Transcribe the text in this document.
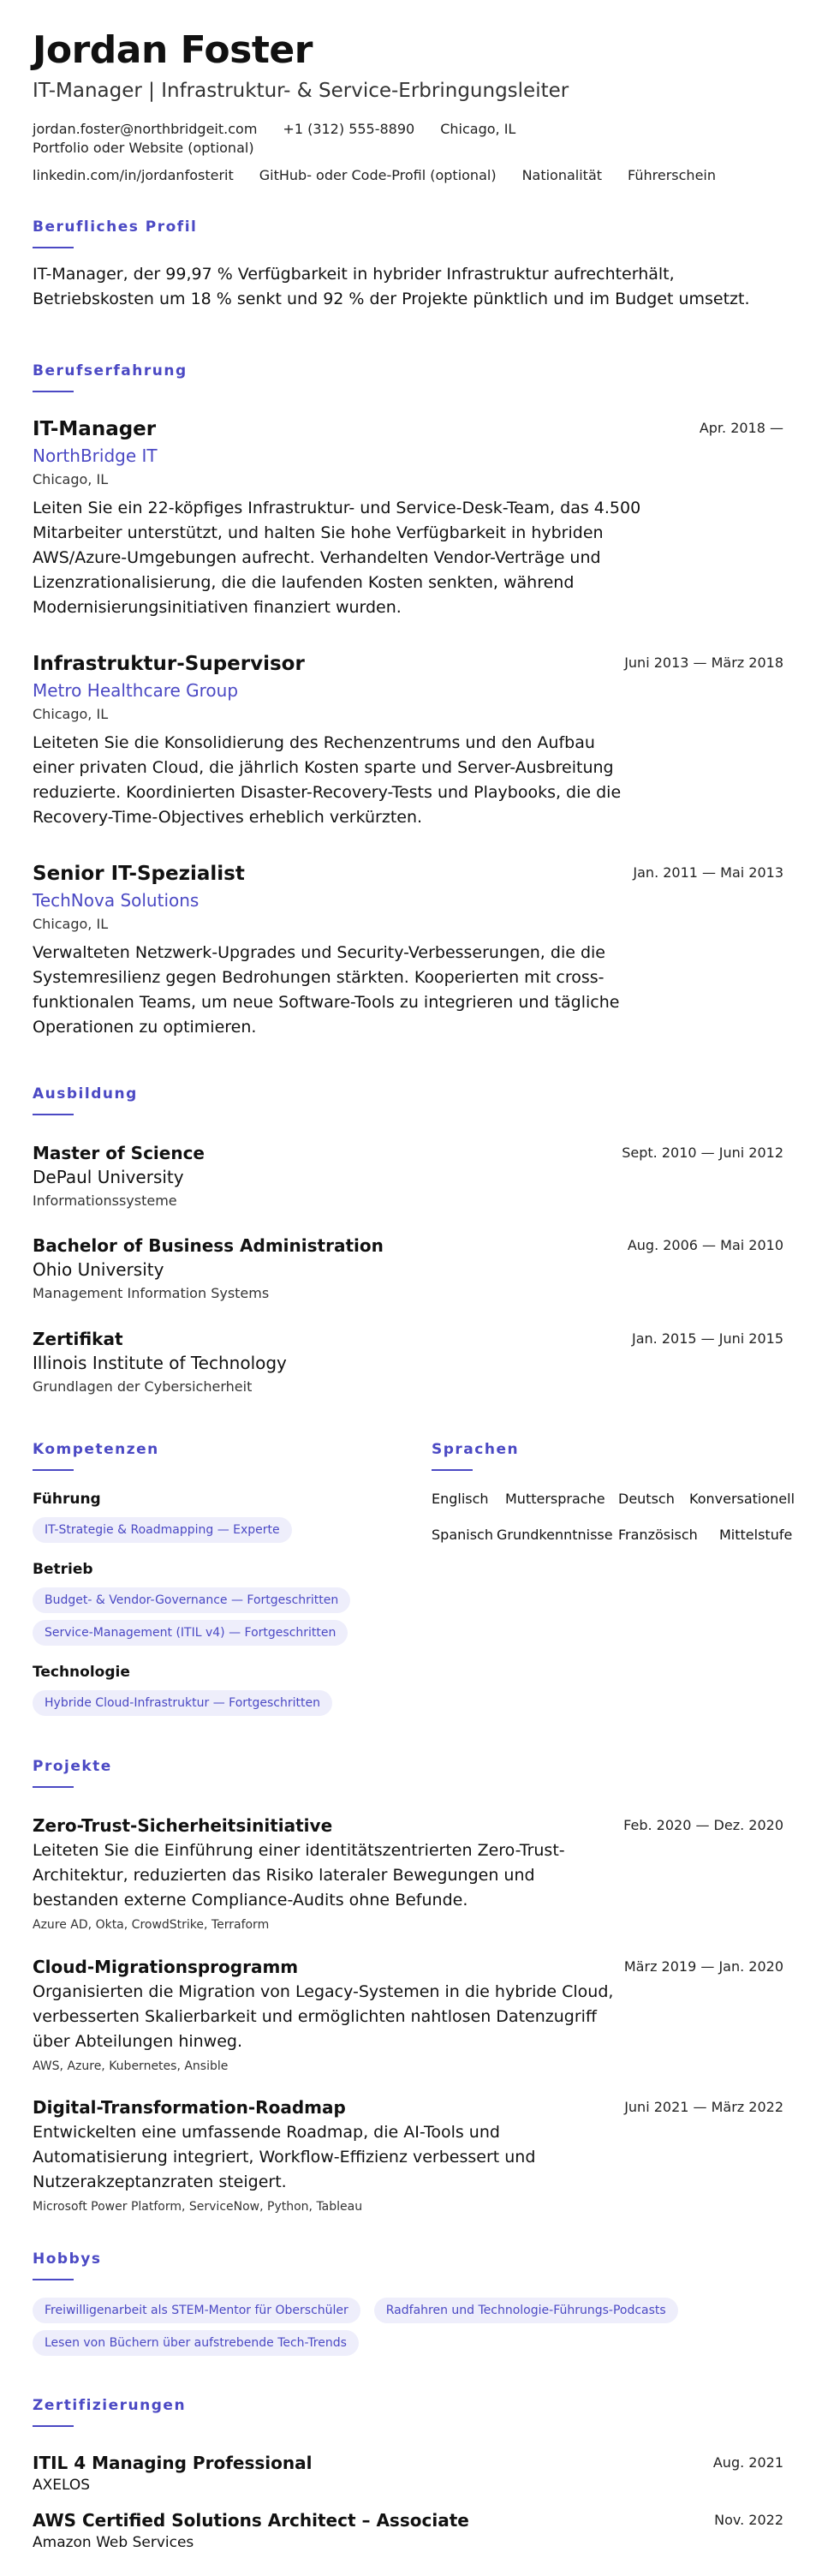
Jordan Foster
IT-Manager | Infrastruktur- & Service-Erbringungsleiter
jordan.foster@northbridgeit.com +1 (312) 555-8890 Chicago, IL
Portfolio oder Website (optional)
linkedin.com/in/jordanfosterit GitHub- oder Code-Profil (optional) Nationalität Führerschein
Berufliches Profil
IT-Manager, der 99,97 % Verfügbarkeit in hybrider Infrastruktur aufrechterhält, Betriebskosten um 18 % senkt und 92 % der Projekte pünktlich und im Budget umsetzt.
Berufserfahrung
IT-Manager
NorthBridge IT
Chicago, IL
Apr. 2018 —
Leiten Sie ein 22-köpfiges Infrastruktur- und Service-Desk-Team, das 4.500 Mitarbeiter unterstützt, und halten Sie hohe Verfügbarkeit in hybriden AWS/Azure-Umgebungen aufrecht. Verhandelten Vendor-Verträge und Lizenzrationalisierung, die die laufenden Kosten senkten, während Modernisierungsinitiativen finanziert wurden.
Infrastruktur-Supervisor
Metro Healthcare Group
Chicago, IL
Juni 2013 — März 2018
Leiteten Sie die Konsolidierung des Rechenzentrums und den Aufbau einer privaten Cloud, die jährlich Kosten sparte und Server-Ausbreitung reduzierte. Koordinierten Disaster-Recovery-Tests und Playbooks, die die Recovery-Time-Objectives erheblich verkürzten.
Senior IT-Spezialist
TechNova Solutions
Chicago, IL
Jan. 2011 — Mai 2013
Verwalteten Netzwerk-Upgrades und Security-Verbesserungen, die die Systemresilienz gegen Bedrohungen stärkten. Kooperierten mit cross-funktionalen Teams, um neue Software-Tools zu integrieren und tägliche Operationen zu optimieren.
Ausbildung
Master of Science
DePaul University
Informationssysteme
Sept. 2010 — Juni 2012
Bachelor of Business Administration
Ohio University
Management Information Systems
Aug. 2006 — Mai 2010
Zertifikat
Illinois Institute of Technology
Grundlagen der Cybersicherheit
Jan. 2015 — Juni 2015
Kompetenzen
Führung
IT-Strategie & Roadmapping — Experte
Betrieb
Budget- & Vendor-Governance — Fortgeschritten
Service-Management (ITIL v4) — Fortgeschritten
Technologie
Hybride Cloud-Infrastruktur — Fortgeschritten
Sprachen
Englisch Muttersprache Deutsch Konversationell
Spanisch Grundkenntnisse Französisch Mittelstufe
Projekte
Zero-Trust-Sicherheitsinitiative	Feb. 2020 — Dez. 2020
Leiteten Sie die Einführung einer identitätszentrierten Zero-Trust-Architektur, reduzierten das Risiko lateraler Bewegungen und bestanden externe Compliance-Audits ohne Befunde.
Azure AD, Okta, CrowdStrike, Terraform
Cloud-Migrationsprogramm	März 2019 — Jan. 2020
Organisierten die Migration von Legacy-Systemen in die hybride Cloud, verbesserten Skalierbarkeit und ermöglichten nahtlosen Datenzugriff über Abteilungen hinweg.
AWS, Azure, Kubernetes, Ansible
Digital-Transformation-Roadmap	Juni 2021 — März 2022
Entwickelten eine umfassende Roadmap, die AI-Tools und Automatisierung integriert, Workflow-Effizienz verbessert und Nutzerakzeptanzraten steigert.
Microsoft Power Platform, ServiceNow, Python, Tableau
Hobbys
Freiwilligenarbeit als STEM-Mentor für Oberschüler	Radfahren und Technologie-Führungs-Podcasts
Lesen von Büchern über aufstrebende Tech-Trends
Zertifizierungen
ITIL 4 Managing Professional
AXELOS
Aug. 2021
AWS Certified Solutions Architect – Associate
Amazon Web Services
Nov. 2022
